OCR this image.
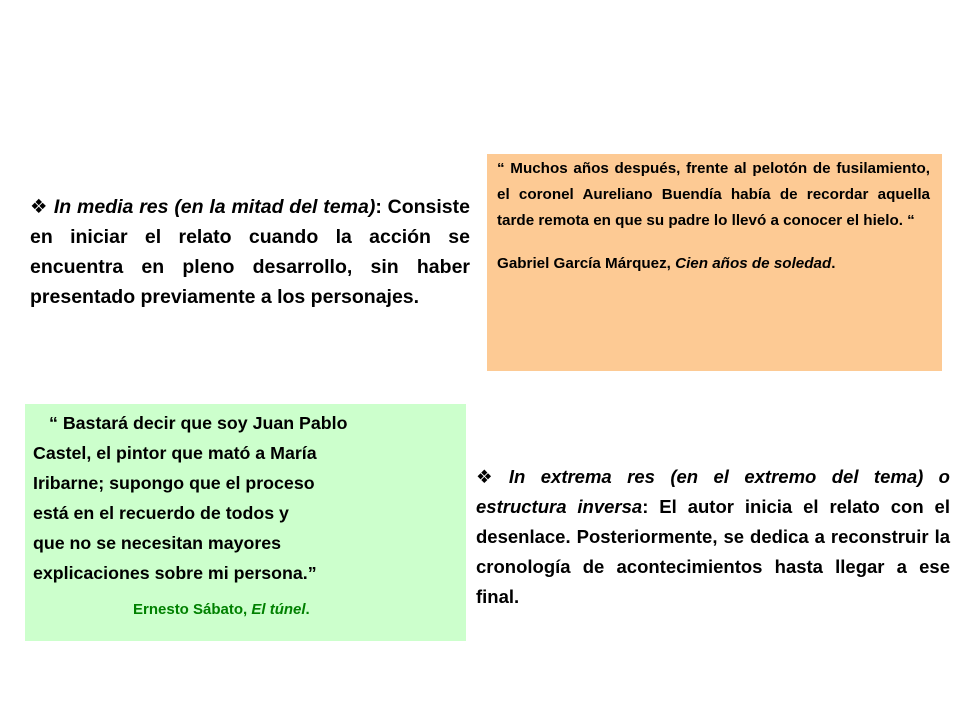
❖ In media res (en la mitad del tema): Consiste en iniciar el relato cuando la acción se encuentra en pleno desarrollo, sin haber presentado previamente a los personajes.
“ Muchos años después, frente al pelotón de fusilamiento, el coronel Aureliano Buendía había de recordar aquella tarde remota en que su padre lo llevó a conocer el hielo. “
Gabriel García Márquez, Cien años de soledad.
“ Bastará decir que soy Juan Pablo
Castel, el pintor que mató a María
Iribarne; supongo que el proceso
está en el recuerdo de todos y
que no se necesitan mayores
explicaciones sobre mi persona.”
Ernesto Sábato, El túnel.
❖ In extrema res (en el extremo del tema) o estructura inversa: El autor inicia el relato con el desenlace. Posteriormente, se dedica a reconstruir la cronología de acontecimientos hasta llegar a ese final.
